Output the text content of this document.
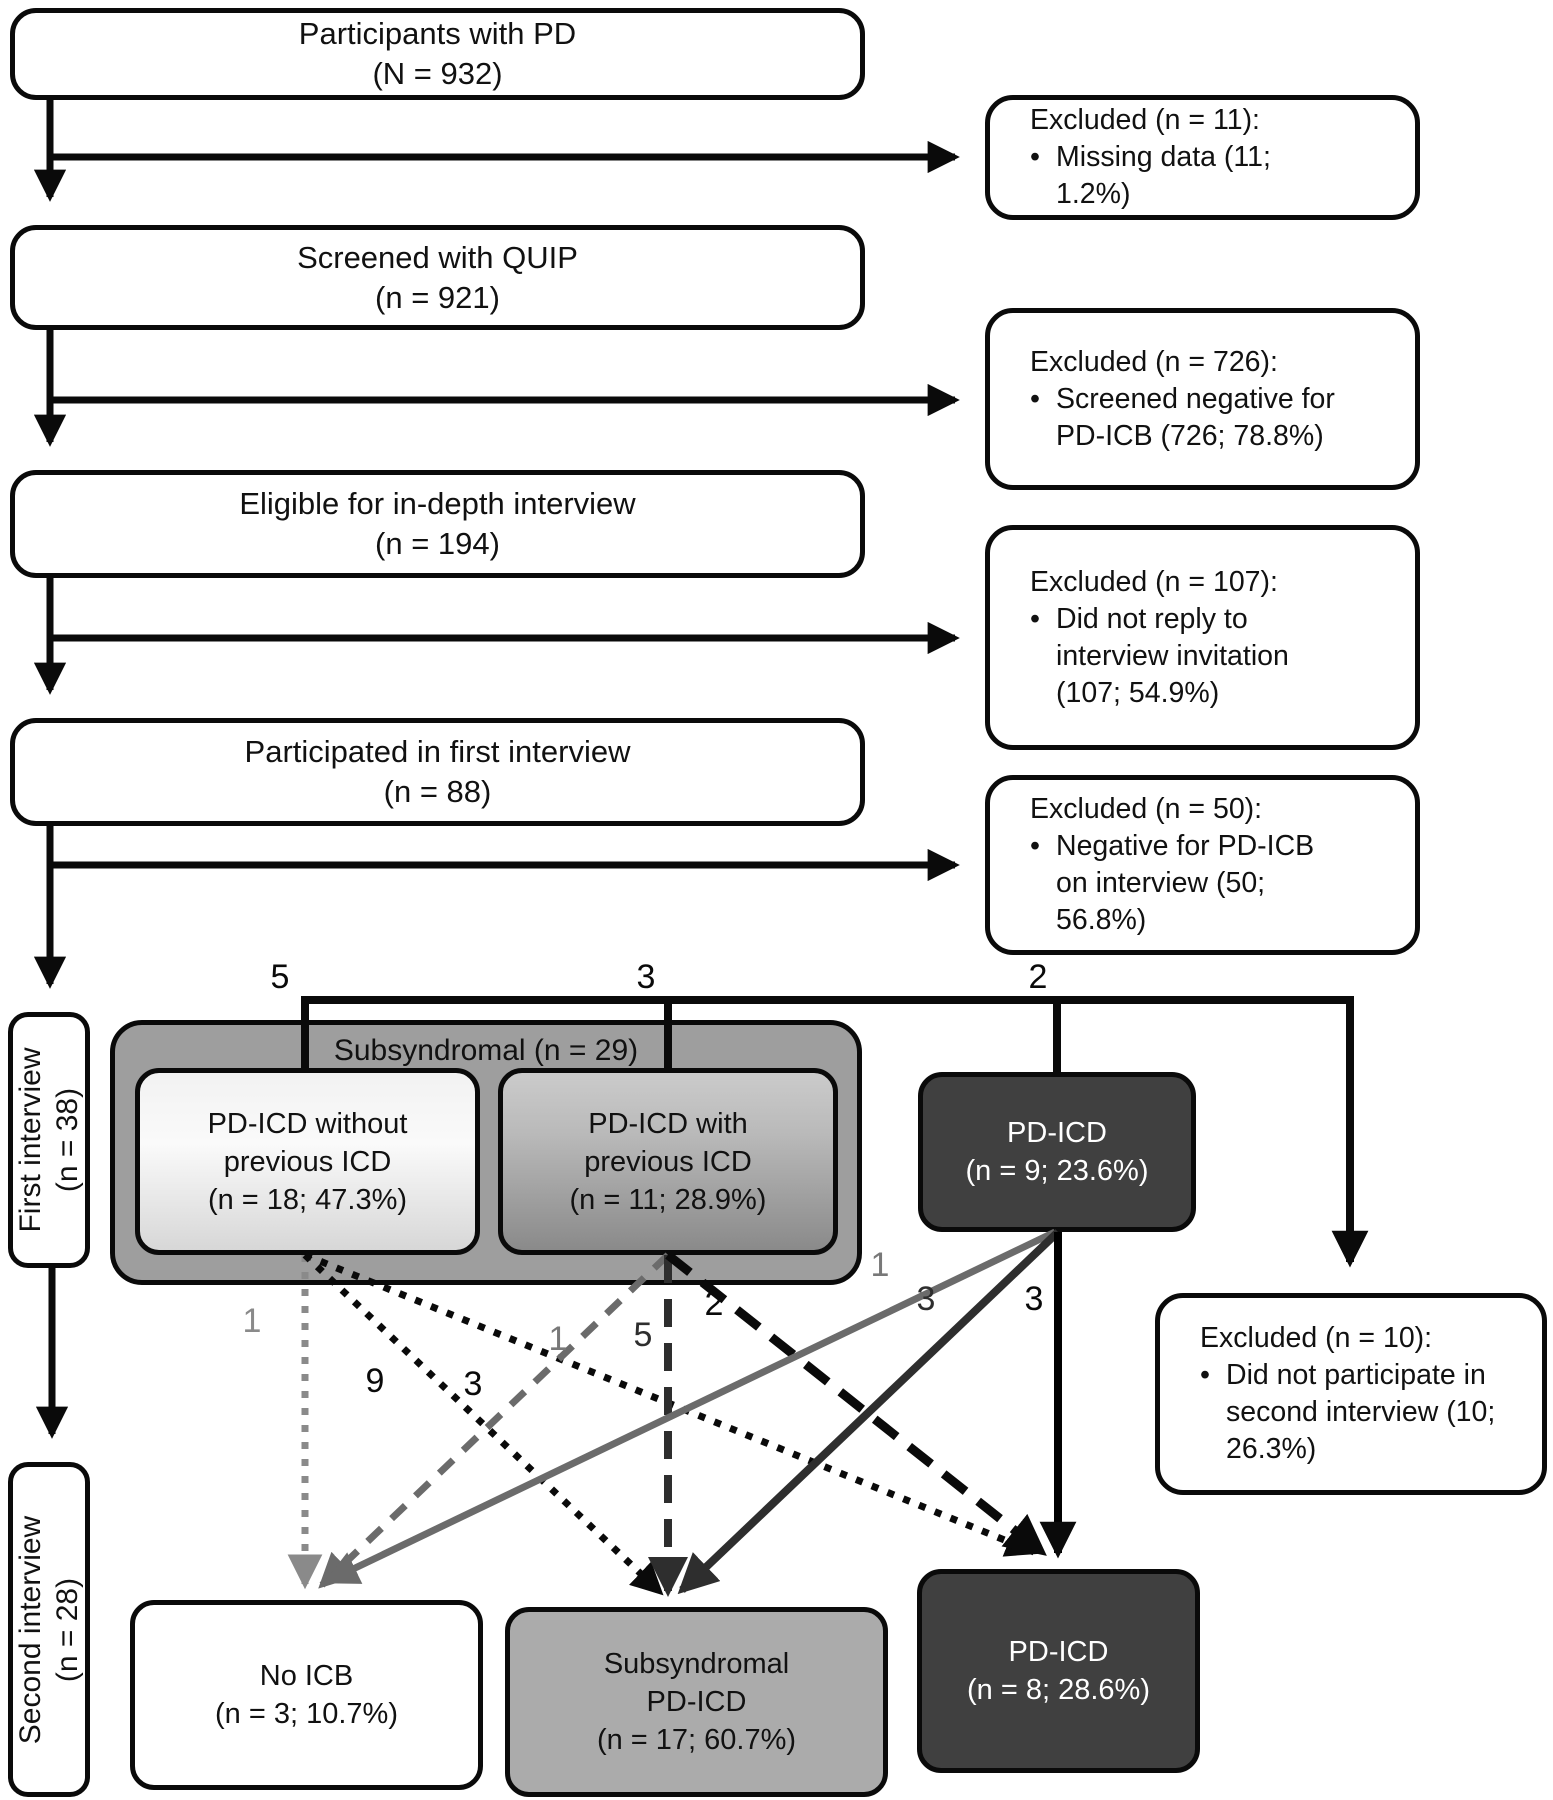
Participants with PD
(N = 932)
Screened with QUIP
(n = 921)
Eligible for in-depth interview
(n = 194)
Participated in first interview
(n = 88)
Excluded (n = 11):
• Missing data (11; 1.2%)
Excluded (n = 726):
• Screened negative for PD-ICB (726; 78.8%)
Excluded (n = 107):
• Did not reply to interview invitation (107; 54.9%)
Excluded (n = 50):
• Negative for PD-ICB on interview (50; 56.8%)
Excluded (n = 10):
• Did not participate in second interview (10; 26.3%)
First interview (n = 38)
Second interview (n = 28)
Subsyndromal (n = 29)
PD-ICD without
previous ICD
(n = 18; 47.3%)
PD-ICD with
previous ICD
(n = 11; 28.9%)
PD-ICD
(n = 9; 23.6%)
No ICB
(n = 3; 10.7%)
Subsyndromal
PD-ICD
(n = 17; 60.7%)
PD-ICD
(n = 8; 28.6%)
5	3	2
1
9 3
1 5
2
1
3	3
